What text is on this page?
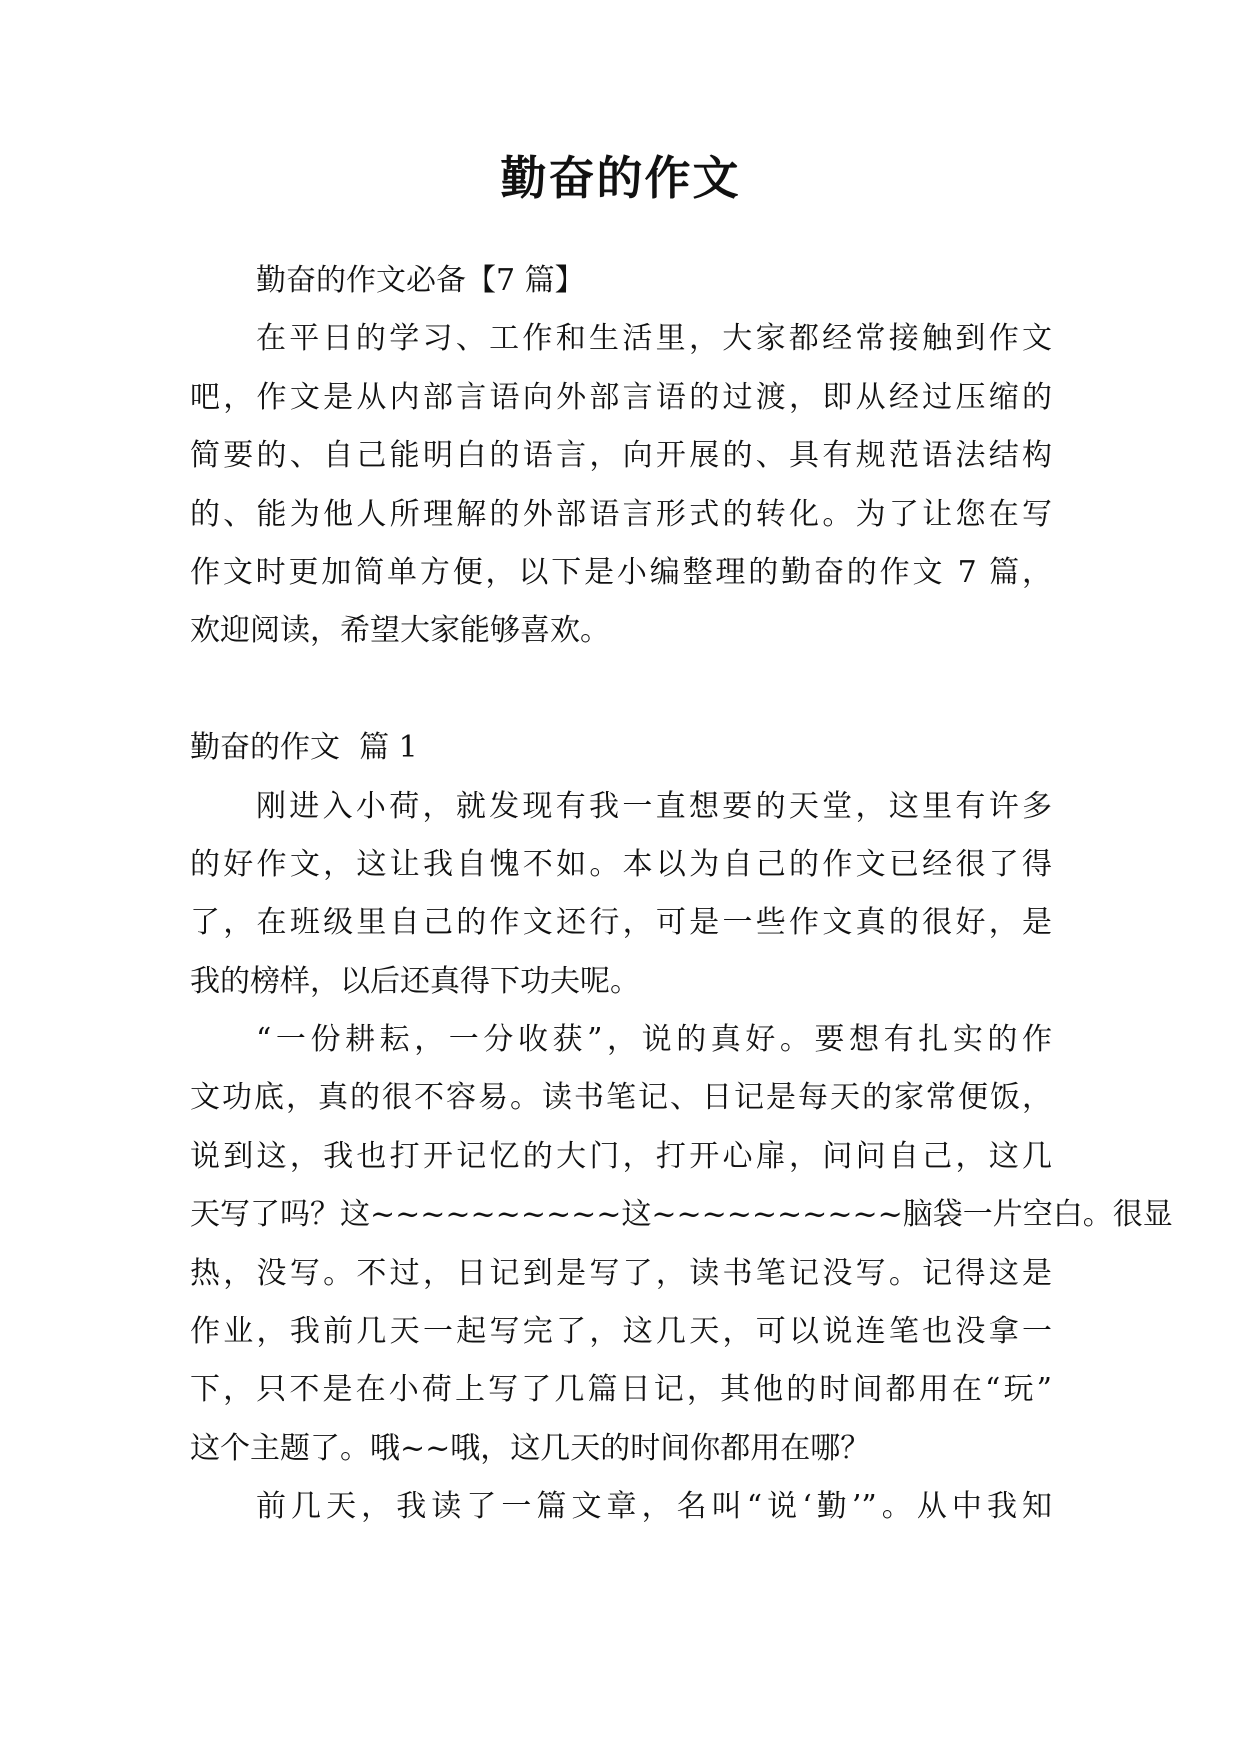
勤奋的作文
勤奋的作文必备【7 篇】
在平日的学习、工作和生活里，大家都经常接触到作文
吧，作文是从内部言语向外部言语的过渡，即从经过压缩的
简要的、自己能明白的语言，向开展的、具有规范语法结构
的、能为他人所理解的外部语言形式的转化。为了让您在写
作文时更加简单方便，以下是小编整理的勤奋的作文 7 篇，
欢迎阅读，希望大家能够喜欢。
勤奋的作文  篇 1
刚进入小荷，就发现有我一直想要的天堂，这里有许多
的好作文，这让我自愧不如。本以为自己的作文已经很了得
了，在班级里自己的作文还行，可是一些作文真的很好，是
我的榜样，以后还真得下功夫呢。
“一份耕耘，一分收获”，说的真好。要想有扎实的作
文功底，真的很不容易。读书笔记、日记是每天的家常便饭，
说到这，我也打开记忆的大门，打开心扉，问问自己，这几
天写了吗？这~~~~~~~~~~这~~~~~~~~~~脑袋一片空白。很显
热，没写。不过，日记到是写了，读书笔记没写。记得这是
作业，我前几天一起写完了，这几天，可以说连笔也没拿一
下，只不是在小荷上写了几篇日记，其他的时间都用在“玩”
这个主题了。哦~~哦，这几天的时间你都用在哪？
前几天，我读了一篇文章，名叫“说‘勤’”。从中我知
